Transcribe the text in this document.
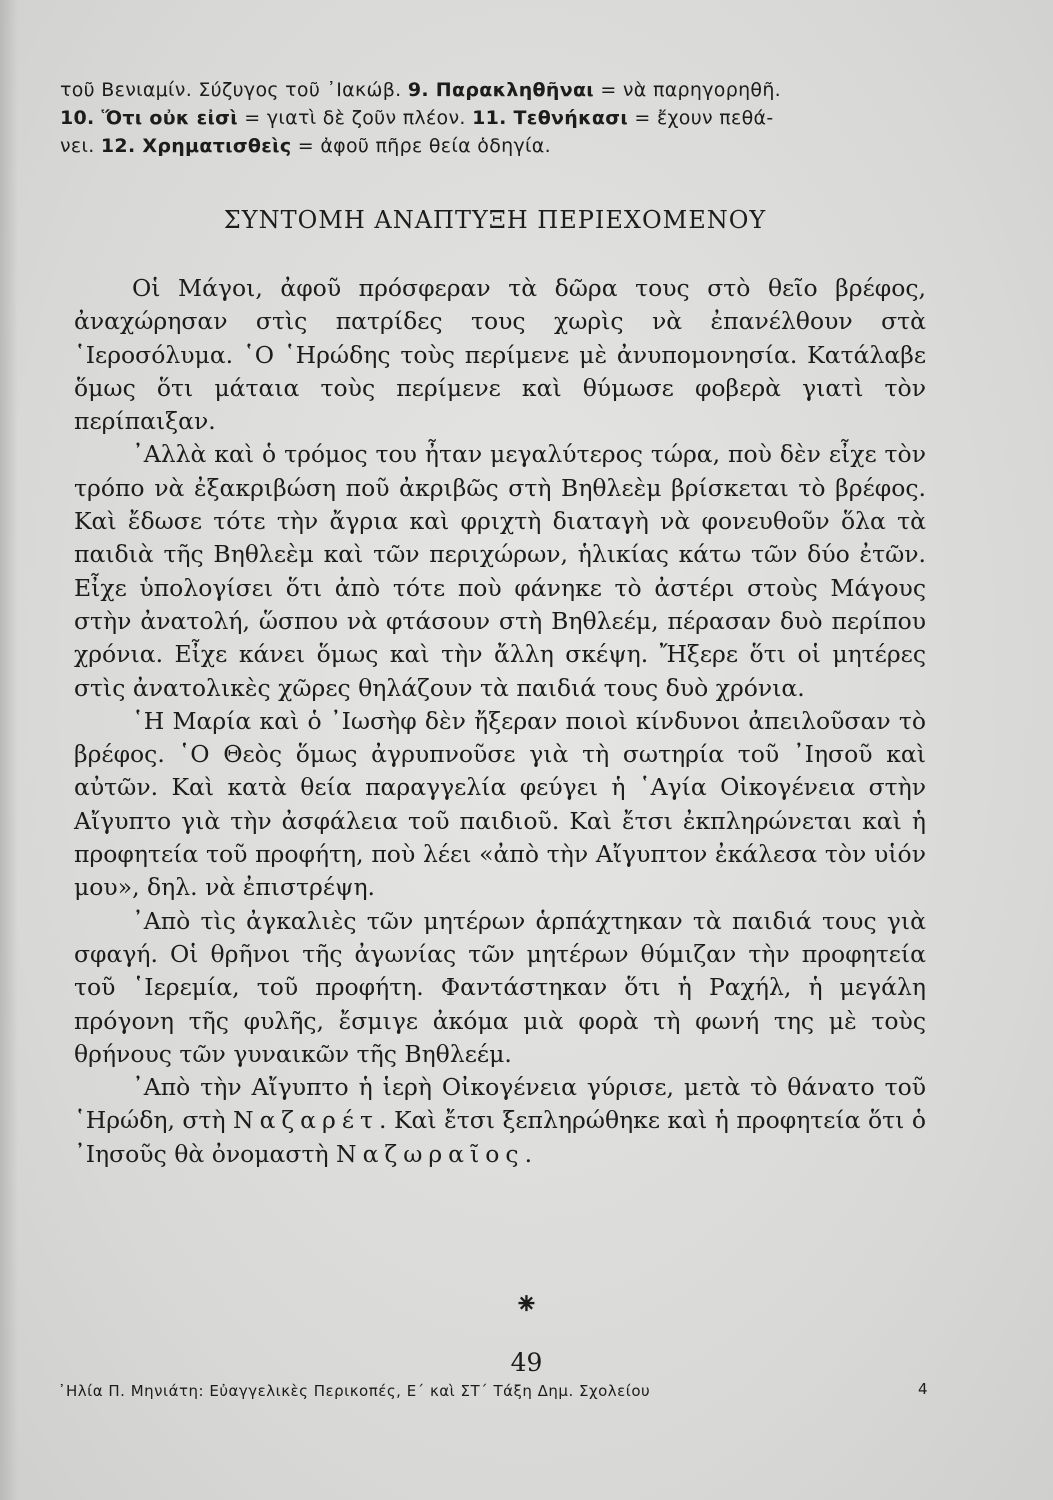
τοῦ Βενιαμίν. Σύζυγος τοῦ ᾿Ιακώβ. 9. Παρακληθῆναι = νὰ παρηγορηθῆ.

10. Ὅτι οὐκ εἰσὶ = γιατὶ δὲ ζοῦν πλέον. 11. Τεθνήκασι = ἔχουν πεθά-

νει. 12. Χρηματισθεὶς = ἀφοῦ πῆρε θεία ὁδηγία.

ΣΥΝΤΟΜΗ ΑΝΑΠΤΥΞΗ ΠΕΡΙΕΧΟΜΕΝΟΥ

Οἱ Μάγοι, ἀφοῦ πρόσφεραν τὰ δῶρα τους στὸ θεῖο βρέφος, ἀναχώρησαν στὶς πατρίδες τους χωρὶς νὰ ἐπανέλθουν στὰ ῾Ιεροσόλυμα. ῾Ο ῾Ηρώδης τοὺς περίμενε μὲ ἀνυπομονησία. Κατάλαβε ὅμως ὅτι μάταια τοὺς περίμενε καὶ θύμωσε φοβερὰ γιατὶ τὸν περίπαιξαν.

᾿Αλλὰ καὶ ὁ τρόμος του ἦταν μεγαλύτερος τώρα, ποὺ δὲν εἶχε τὸν τρόπο νὰ ἐξακριβώση ποῦ ἀκριβῶς στὴ Βηθλεὲμ βρίσκεται τὸ βρέφος. Καὶ ἔδωσε τότε τὴν ἄγρια καὶ φριχτὴ διαταγὴ νὰ φονευθοῦν ὅλα τὰ παιδιὰ τῆς Βηθλεὲμ καὶ τῶν περιχώρων, ἡλικίας κάτω τῶν δύο ἐτῶν. Εἶχε ὑπολογίσει ὅτι ἀπὸ τότε ποὺ φάνηκε τὸ ἀστέρι στοὺς Μάγους στὴν ἀνατολή, ὥσπου νὰ φτάσουν στὴ Βηθλεέμ, πέρασαν δυὸ περίπου χρόνια. Εἶχε κάνει ὅμως καὶ τὴν ἄλλη σκέψη. Ἤξερε ὅτι οἱ μητέρες στὶς ἀνατολικὲς χῶρες θηλάζουν τὰ παιδιά τους δυὸ χρόνια.

῾Η Μαρία καὶ ὁ ᾿Ιωσὴφ δὲν ἤξεραν ποιοὶ κίνδυνοι ἀπειλοῦσαν τὸ βρέφος. ῾Ο Θεὸς ὅμως ἀγρυπνοῦσε γιὰ τὴ σωτηρία τοῦ ᾿Ιησοῦ καὶ αὐτῶν. Καὶ κατὰ θεία παραγγελία φεύγει ἡ ῾Αγία Οἰκογένεια στὴν Αἴγυπτο γιὰ τὴν ἀσφάλεια τοῦ παιδιοῦ. Καὶ ἔτσι ἐκπληρώνεται καὶ ἡ προφητεία τοῦ προφήτη, ποὺ λέει «ἀπὸ τὴν Αἴγυπτον ἐκάλεσα τὸν υἱόν μου», δηλ. νὰ ἐπιστρέψη.

᾿Απὸ τὶς ἀγκαλιὲς τῶν μητέρων ἁρπάχτηκαν τὰ παιδιά τους γιὰ σφαγή. Οἱ θρῆνοι τῆς ἀγωνίας τῶν μητέρων θύμιζαν τὴν προφητεία τοῦ ῾Ιερεμία, τοῦ προφήτη. Φαντάστηκαν ὅτι ἡ Ραχήλ, ἡ μεγάλη πρόγονη τῆς φυλῆς, ἔσμιγε ἀκόμα μιὰ φορὰ τὴ φωνή της μὲ τοὺς θρήνους τῶν γυναικῶν τῆς Βηθλεέμ.

᾿Απὸ τὴν Αἴγυπτο ἡ ἱερὴ Οἰκογένεια γύρισε, μετὰ τὸ θάνατο τοῦ ῾Ηρώδη, στὴ Ναζαρέτ. Καὶ ἔτσι ξεπληρώθηκε καὶ ἡ προφητεία ὅτι ὁ ᾿Ιησοῦς θὰ ὀνομαστὴ Ναζωραῖος.

⁕
49
᾿Ηλία Π. Μηνιάτη: Εὐαγγελικὲς Περικοπές, Ε΄ καὶ ΣΤ΄ Τάξη Δημ. Σχολείου	4
